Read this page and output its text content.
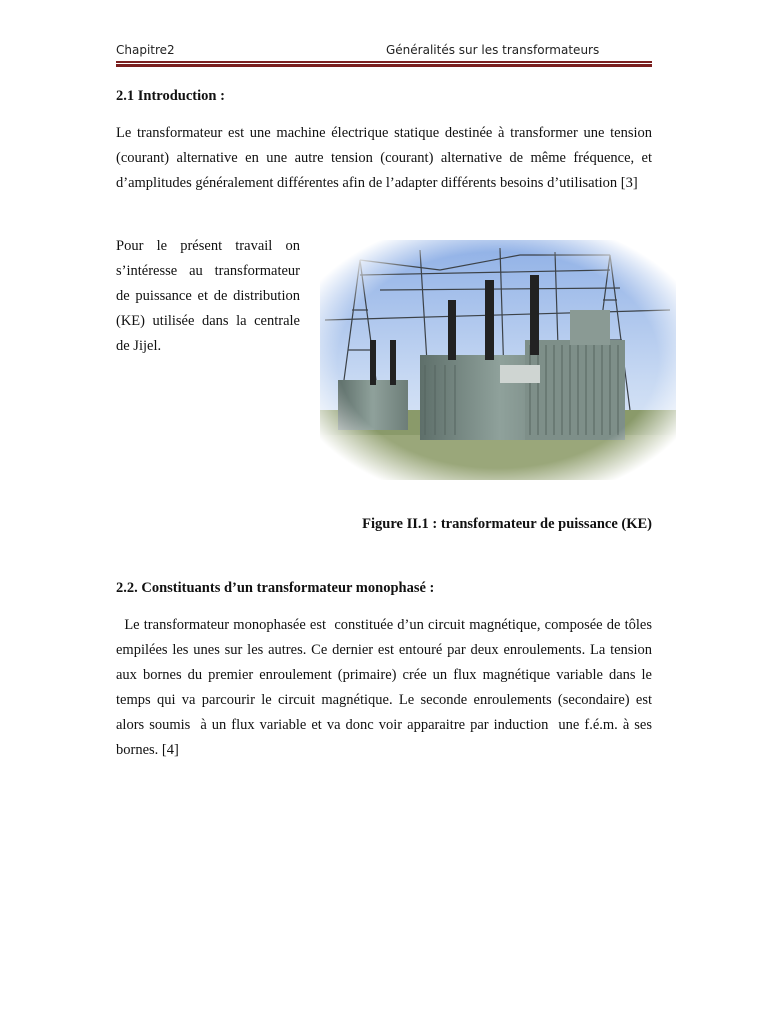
Chapitre2	Généralités sur les transformateurs
2.1 Introduction :

Le transformateur est une machine électrique statique destinée à transformer une tension (courant) alternative en une autre tension (courant) alternative de même fréquence, et d’amplitudes généralement différentes afin de l’adapter différents besoins d’utilisation [3]

Pour le présent travail on s’intéresse au transformateur de puissance et de distribution (KE) utilisée dans la centrale de Jijel.

Figure II.1 : transformateur de puissance (KE)

2.2. Constituants d’un transformateur monophasé :

Le transformateur monophasée est  constituée d’un circuit magnétique, composée de tôles empilées les unes sur les autres. Ce dernier est entouré par deux enroulements. La tension aux bornes du premier enroulement (primaire) crée un flux magnétique variable dans le temps qui va parcourir le circuit magnétique. Le seconde enroulements (secondaire) est alors soumis  à un flux variable et va donc voir apparaitre par induction  une f.é.m. à ses bornes. [4]
